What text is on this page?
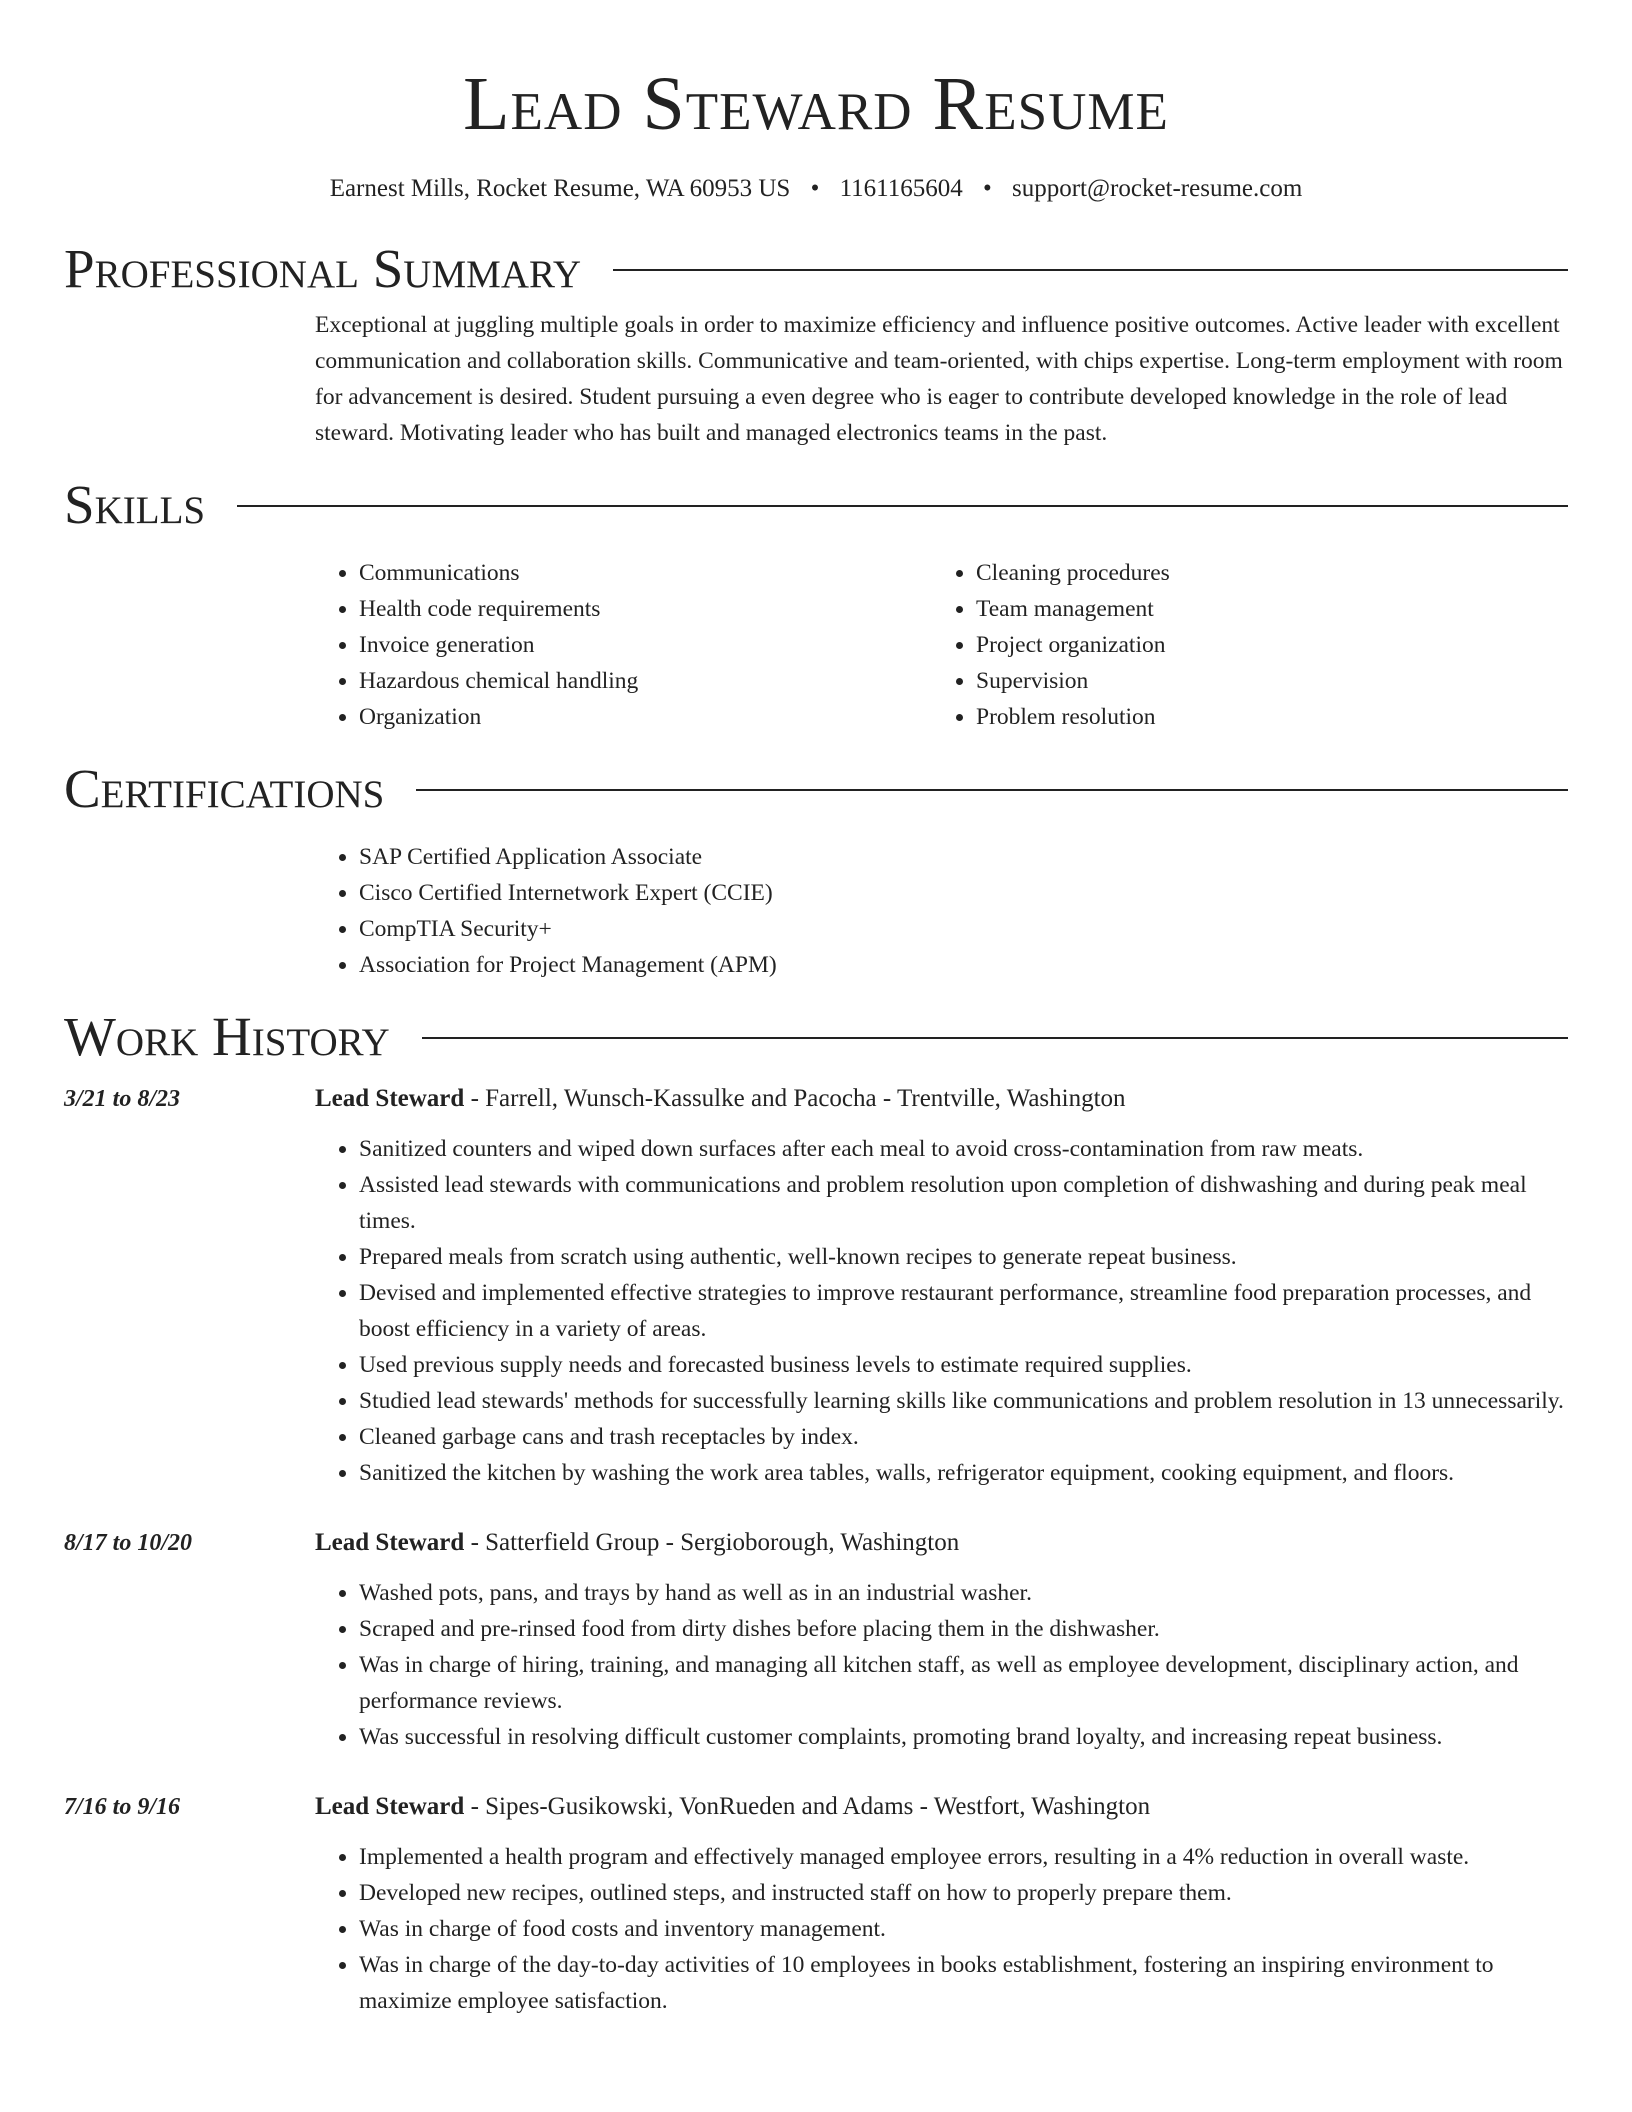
Lead Steward Resume
Earnest Mills, Rocket Resume, WA 60953 US • 1161165604 • support@rocket-resume.com
Professional Summary

Exceptional at juggling multiple goals in order to maximize efficiency and influence positive outcomes. Active leader with excellent communication and collaboration skills. Communicative and team-oriented, with chips expertise. Long-term employment with room for advancement is desired. Student pursuing a even degree who is eager to contribute developed knowledge in the role of lead steward. Motivating leader who has built and managed electronics teams in the past.

Skills
• Communications
• Health code requirements
• Invoice generation
• Hazardous chemical handling
• Organization
• Cleaning procedures
• Team management
• Project organization
• Supervision
• Problem resolution
Certifications
• SAP Certified Application Associate
• Cisco Certified Internetwork Expert (CCIE)
• CompTIA Security+
• Association for Project Management (APM)
Work History
3/21 to 8/23	Lead Steward - Farrell, Wunsch-Kassulke and Pacocha - Trentville, Washington
• Sanitized counters and wiped down surfaces after each meal to avoid cross-contamination from raw meats.
• Assisted lead stewards with communications and problem resolution upon completion of dishwashing and during peak meal times.
• Prepared meals from scratch using authentic, well-known recipes to generate repeat business.
• Devised and implemented effective strategies to improve restaurant performance, streamline food preparation processes, and boost efficiency in a variety of areas.
• Used previous supply needs and forecasted business levels to estimate required supplies.
• Studied lead stewards' methods for successfully learning skills like communications and problem resolution in 13 unnecessarily.
• Cleaned garbage cans and trash receptacles by index.
• Sanitized the kitchen by washing the work area tables, walls, refrigerator equipment, cooking equipment, and floors.
8/17 to 10/20	Lead Steward - Satterfield Group - Sergioborough, Washington
• Washed pots, pans, and trays by hand as well as in an industrial washer.
• Scraped and pre-rinsed food from dirty dishes before placing them in the dishwasher.
• Was in charge of hiring, training, and managing all kitchen staff, as well as employee development, disciplinary action, and performance reviews.
• Was successful in resolving difficult customer complaints, promoting brand loyalty, and increasing repeat business.
7/16 to 9/16	Lead Steward - Sipes-Gusikowski, VonRueden and Adams - Westfort, Washington
• Implemented a health program and effectively managed employee errors, resulting in a 4% reduction in overall waste.
• Developed new recipes, outlined steps, and instructed staff on how to properly prepare them.
• Was in charge of food costs and inventory management.
• Was in charge of the day-to-day activities of 10 employees in books establishment, fostering an inspiring environment to maximize employee satisfaction.
